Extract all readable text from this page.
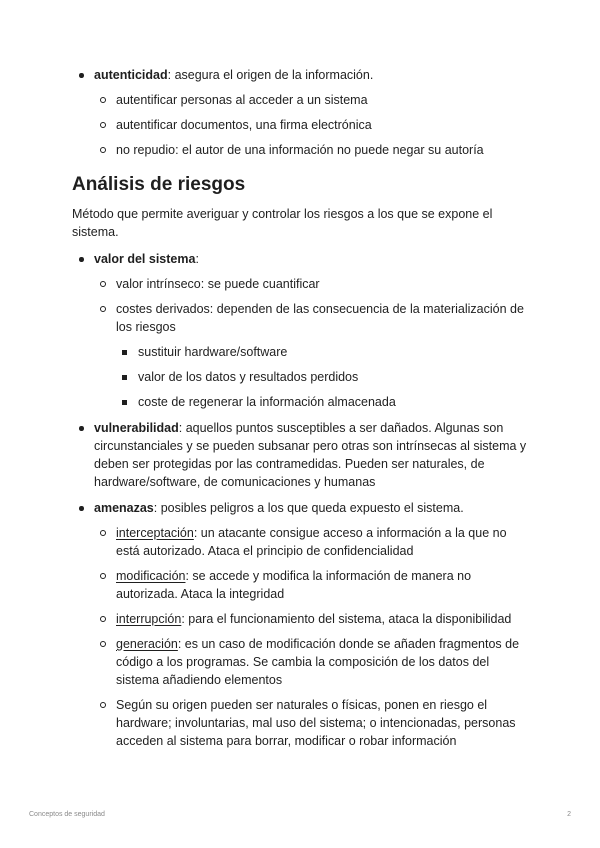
autenticidad: asegura el origen de la información.
autentificar personas al acceder a un sistema
autentificar documentos, una firma electrónica
no repudio: el autor de una información no puede negar su autoría
Análisis de riesgos

Método que permite averiguar y controlar los riesgos a los que se expone el sistema.

valor del sistema:
valor intrínseco: se puede cuantificar
costes derivados: dependen de las consecuencia de la materialización de los riesgos
sustituir hardware/software
valor de los datos y resultados perdidos
coste de regenerar la información almacenada
vulnerabilidad: aquellos puntos susceptibles a ser dañados. Algunas son circunstanciales y se pueden subsanar pero otras son intrínsecas al sistema y deben ser protegidas por las contramedidas. Pueden ser naturales, de hardware/software, de comunicaciones y humanas
amenazas: posibles peligros a los que queda expuesto el sistema.
interceptación: un atacante consigue acceso a información a la que no está autorizado. Ataca el principio de confidencialidad
modificación: se accede y modifica la información de manera no autorizada. Ataca la integridad
interrupción: para el funcionamiento del sistema, ataca la disponibilidad
generación: es un caso de modificación donde se añaden fragmentos de código a los programas. Se cambia la composición de los datos del sistema añadiendo elementos
Según su origen pueden ser naturales o físicas, ponen en riesgo el hardware; involuntarias, mal uso del sistema; o intencionadas, personas acceden al sistema para borrar, modificar o robar información
Conceptos de seguridad	2
